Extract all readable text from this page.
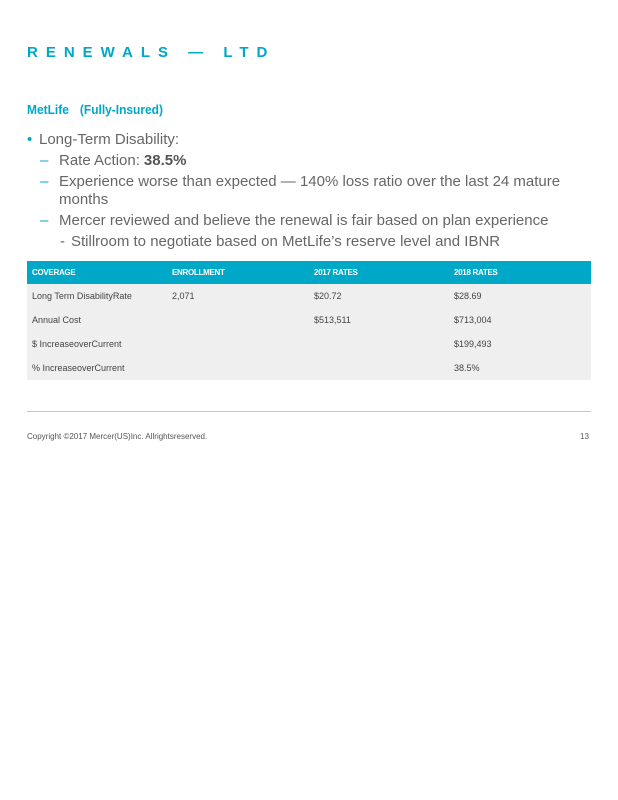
RENEWALS — LTD
MetLife (Fully-Insured)
• Long-Term Disability:
– Rate Action: 38.5%
– Experience worse than expected — 140% loss ratio over the last 24 mature months
– Mercer reviewed and believe the renewal is fair based on plan experience
- Stillroom to negotiate based on MetLife’s reserve level and IBNR
COVERAGE	ENROLLMENT	2017 RATES	2018 RATES
Long Term DisabilityRate	2,071	$20.72	$28.69
Annual Cost		$513,511	$713,004
$ IncreaseoverCurrent			$199,493
% IncreaseoverCurrent			38.5%
Copyright ©2017 Mercer(US)Inc. Allrightsreserved.	13
